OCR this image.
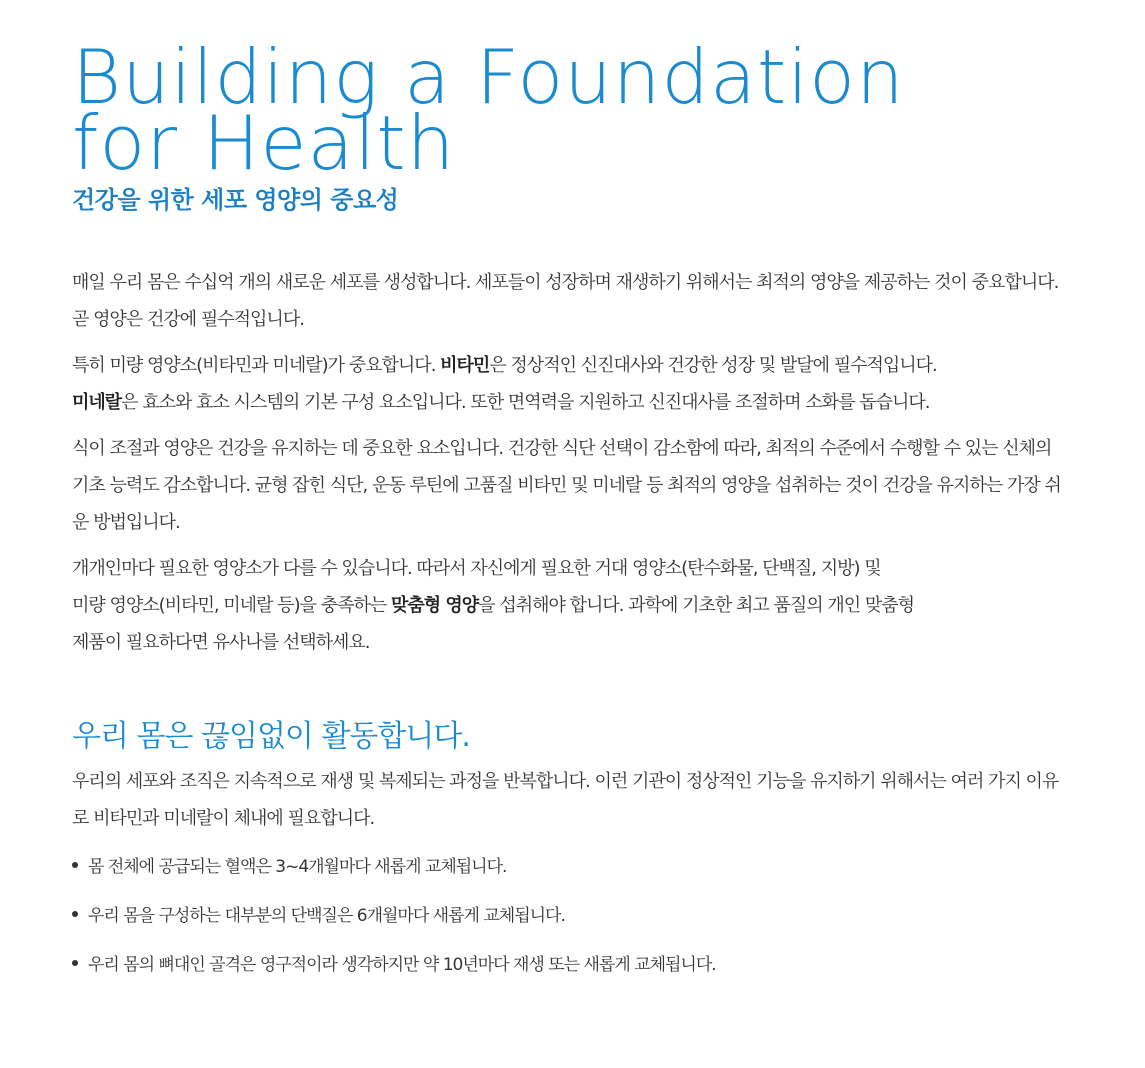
Building a Foundation
for Health
건강을 위한 세포 영양의 중요성

매일 우리 몸은 수십억 개의 새로운 세포를 생성합니다. 세포들이 성장하며 재생하기 위해서는 최적의 영양을 제공하는 것이 중요합니다. 곧 영양은 건강에 필수적입니다.

특히 미량 영양소(비타민과 미네랄)가 중요합니다. 비타민은 정상적인 신진대사와 건강한 성장 및 발달에 필수적입니다.
미네랄은 효소와 효소 시스템의 기본 구성 요소입니다. 또한 면역력을 지원하고 신진대사를 조절하며 소화를 돕습니다.

식이 조절과 영양은 건강을 유지하는 데 중요한 요소입니다. 건강한 식단 선택이 감소함에 따라, 최적의 수준에서 수행할 수 있는 신체의 기초 능력도 감소합니다. 균형 잡힌 식단, 운동 루틴에 고품질 비타민 및 미네랄 등 최적의 영양을 섭취하는 것이 건강을 유지하는 가장 쉬운 방법입니다.

개개인마다 필요한 영양소가 다를 수 있습니다. 따라서 자신에게 필요한 거대 영양소(탄수화물, 단백질, 지방) 및
미량 영양소(비타민, 미네랄 등)을 충족하는 맞춤형 영양을 섭취해야 합니다. 과학에 기초한 최고 품질의 개인 맞춤형
제품이 필요하다면 유사나를 선택하세요.

우리 몸은 끊임없이 활동합니다.

우리의 세포와 조직은 지속적으로 재생 및 복제되는 과정을 반복합니다. 이런 기관이 정상적인 기능을 유지하기 위해서는 여러 가지 이유로 비타민과 미네랄이 체내에 필요합니다.

몸 전체에 공급되는 혈액은 3~4개월마다 새롭게 교체됩니다.
우리 몸을 구성하는 대부분의 단백질은 6개월마다 새롭게 교체됩니다.
우리 몸의 뼈대인 골격은 영구적이라 생각하지만 약 10년마다 재생 또는 새롭게 교체됩니다.
